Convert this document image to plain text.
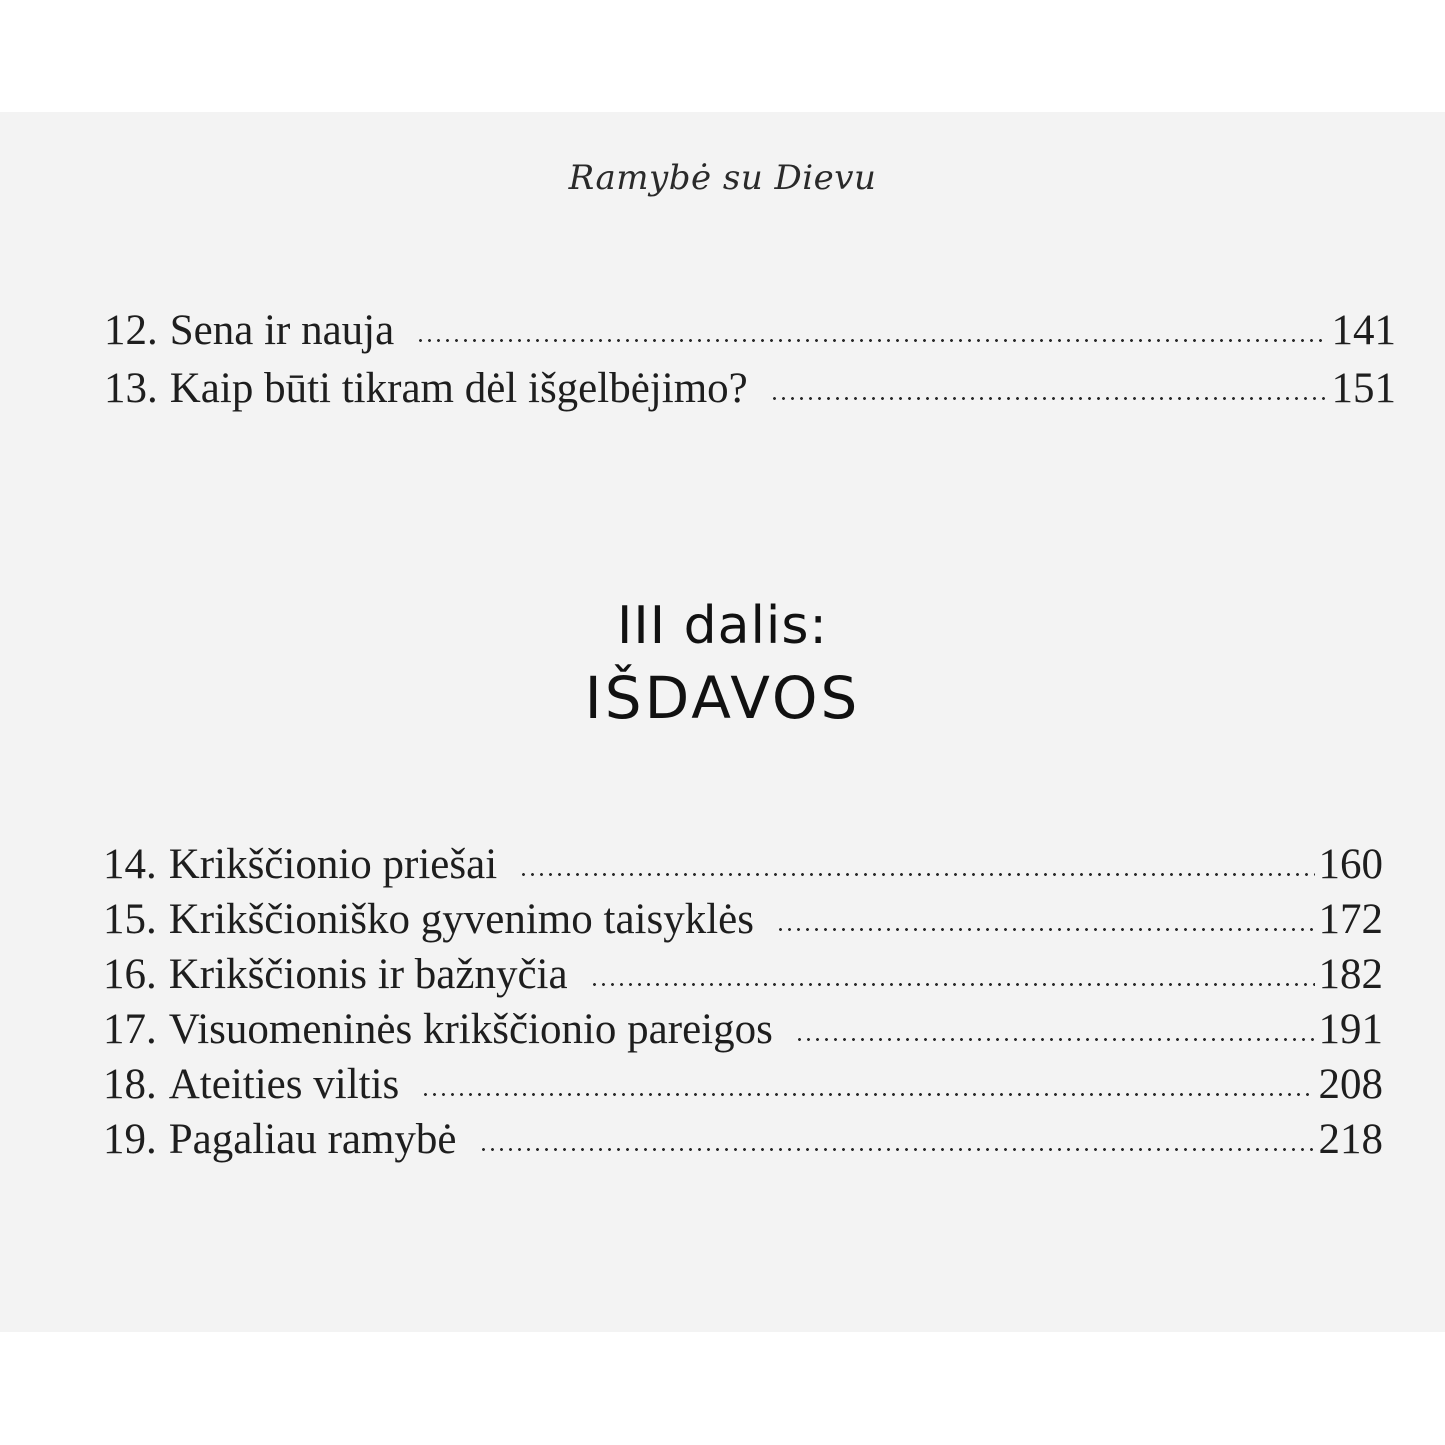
Ramybė su Dievu
12. Sena ir nauja	141
13. Kaip būti tikram dėl išgelbėjimo?	151
III dalis:
IŠDAVOS
14. Krikščionio priešai	160
15. Krikščioniško gyvenimo taisyklės	172
16. Krikščionis ir bažnyčia	182
17. Visuomeninės krikščionio pareigos	191
18. Ateities viltis	208
19. Pagaliau ramybė	218
